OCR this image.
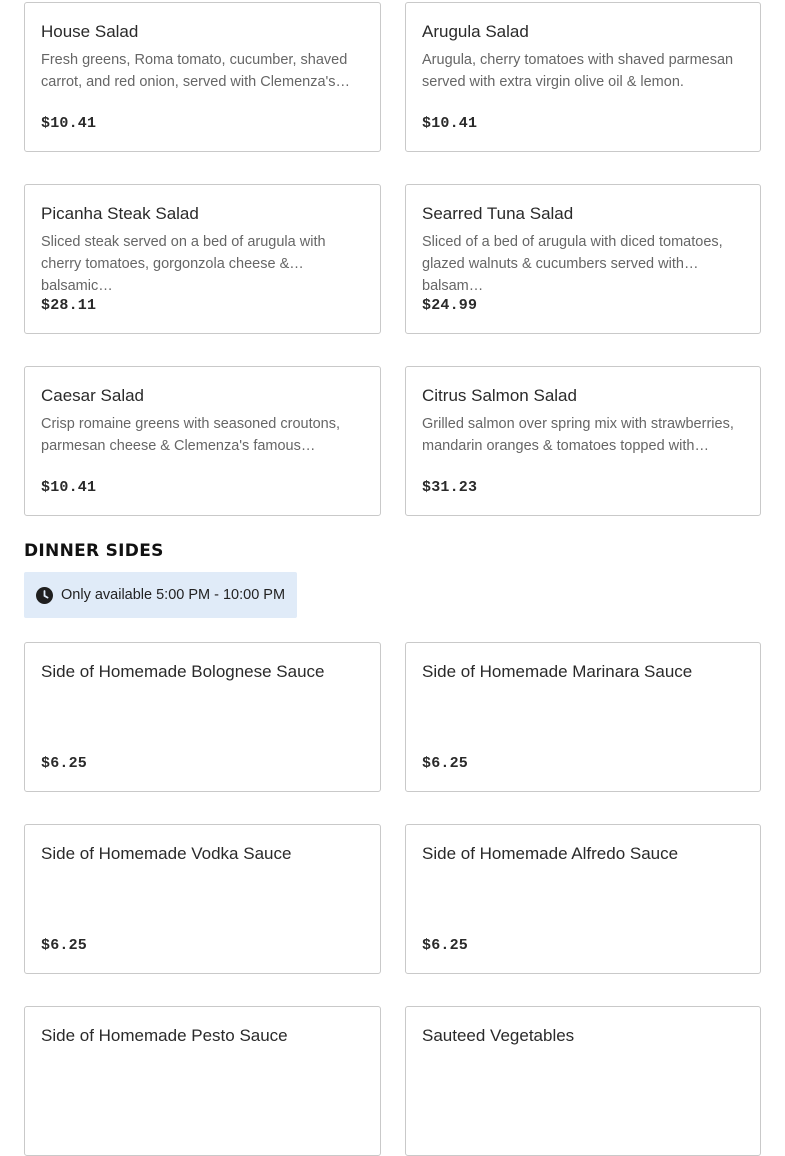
House Salad

Fresh greens, Roma tomato, cucumber, shaved carrot, and red onion, served with Clemenza's…
$10.41

Arugula Salad

Arugula, cherry tomatoes with shaved parmesan served with extra virgin olive oil & lemon.
$10.41

Picanha Steak Salad

Sliced steak served on a bed of arugula with cherry tomatoes, gorgonzola cheese & balsamic…
$28.11

Searred Tuna Salad

Sliced of a bed of arugula with diced tomatoes, glazed walnuts & cucumbers served with balsam…
$24.99

Caesar Salad

Crisp romaine greens with seasoned croutons, parmesan cheese & Clemenza's famous…
$10.41

Citrus Salmon Salad

Grilled salmon over spring mix with strawberries, mandarin oranges & tomatoes topped with…
$31.23
DINNER SIDES
Only available 5:00 PM - 10:00 PM

Side of Homemade Bolognese Sauce

$6.25

Side of Homemade Marinara Sauce

$6.25

Side of Homemade Vodka Sauce

$6.25

Side of Homemade Alfredo Sauce

$6.25

Side of Homemade Pesto Sauce	Sauteed Vegetables
